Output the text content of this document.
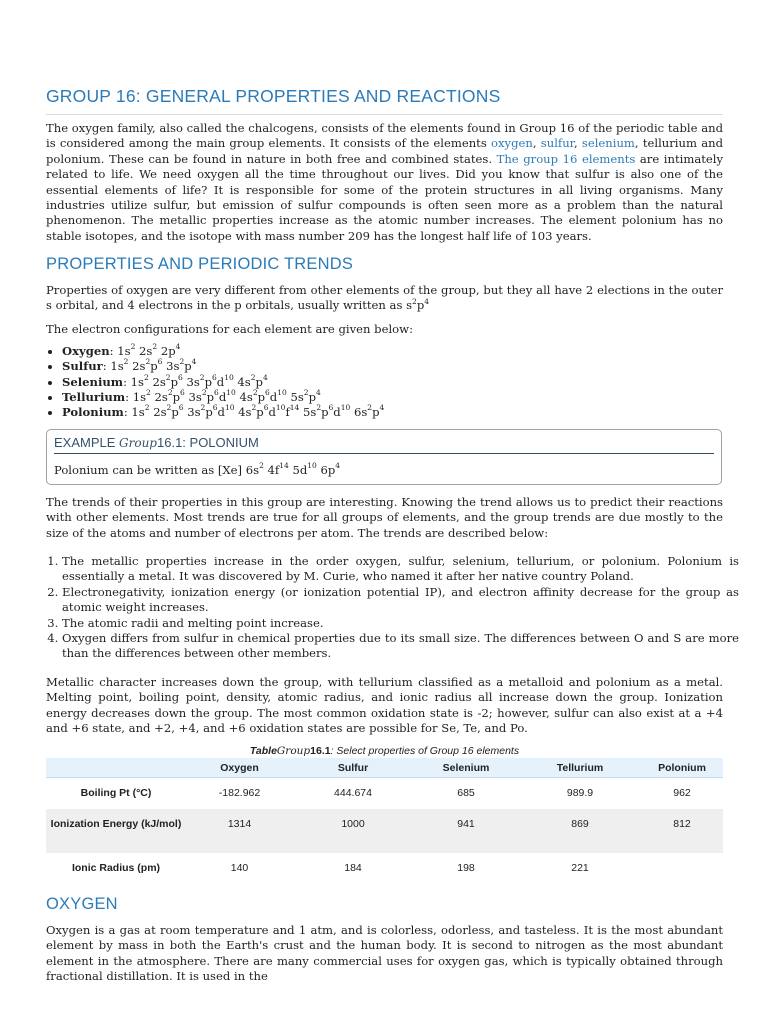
GROUP 16: GENERAL PROPERTIES AND REACTIONS

The oxygen family, also called the chalcogens, consists of the elements found in Group 16 of the periodic table and is considered among the main group elements. It consists of the elements oxygen, sulfur, selenium, tellurium and polonium. These can be found in nature in both free and combined states. The group 16 elements are intimately related to life. We need oxygen all the time throughout our lives. Did you know that sulfur is also one of the essential elements of life? It is responsible for some of the protein structures in all living organisms. Many industries utilize sulfur, but emission of sulfur compounds is often seen more as a problem than the natural phenomenon. The metallic properties increase as the atomic number increases. The element polonium has no stable isotopes, and the isotope with mass number 209 has the longest half life of 103 years.

PROPERTIES AND PERIODIC TRENDS

Properties of oxygen are very different from other elements of the group, but they all have 2 elections in the outer s orbital, and 4 electrons in the p orbitals, usually written as $s^2p^4$

The electron configurations for each element are given below:

• Oxygen: $1s^2$ $2s^2$ $2p^4$
• Sulfur: $1s^2$ $2s^2p^6$ $3s^2p^4$
• Selenium: $1s^2$ $2s^2p^6$ $3s^2p^6d^{10}$ $4s^2p^4$
• Tellurium: $1s^2$ $2s^2p^6$ $3s^2p^6d^{10}$ $4s^2p^6d^{10}$ $5s^2p^4$
• Polonium: $1s^2$ $2s^2p^6$ $3s^2p^6d^{10}$ $4s^2p^6d^{10}f^{14}$ $5s^2p^6d^{10}$ $6s^2p^4$
EXAMPLE Group16.1: POLONIUM
Polonium can be written as [Xe] $6s^2$ $4f^{14}$ $5d^{10}$ $6p^4$

The trends of their properties in this group are interesting. Knowing the trend allows us to predict their reactions with other elements. Most trends are true for all groups of elements, and the group trends are due mostly to the size of the atoms and number of electrons per atom. The trends are described below:

1. The metallic properties increase in the order oxygen, sulfur, selenium, tellurium, or polonium. Polonium is essentially a metal. It was discovered by M. Curie, who named it after her native country Poland.
2. Electronegativity, ionization energy (or ionization potential IP), and electron affinity decrease for the group as atomic weight increases.
3. The atomic radii and melting point increase.
4. Oxygen differs from sulfur in chemical properties due to its small size. The differences between O and S are more than the differences between other members.

Metallic character increases down the group, with tellurium classified as a metalloid and polonium as a metal. Melting point, boiling point, density, atomic radius, and ionic radius all increase down the group. Ionization energy decreases down the group. The most common oxidation state is -2; however, sulfur can also exist at a +4 and +6 state, and +2, +4, and +6 oxidation states are possible for Se, Te, and Po.

TableGroup16.1: Select properties of Group 16 elements
	Oxygen	Sulfur	Selenium	Tellurium	Polonium
Boiling Pt (°C)	-182.962	444.674	685	989.9	962
Ionization Energy (kJ/mol)	1314	1000	941	869	812
Ionic Radius (pm)	140	184	198	221	
OXYGEN

Oxygen is a gas at room temperature and 1 atm, and is colorless, odorless, and tasteless. It is the most abundant element by mass in both the Earth's crust and the human body. It is second to nitrogen as the most abundant element in the atmosphere. There are many commercial uses for oxygen gas, which is typically obtained through fractional distillation. It is used in the
